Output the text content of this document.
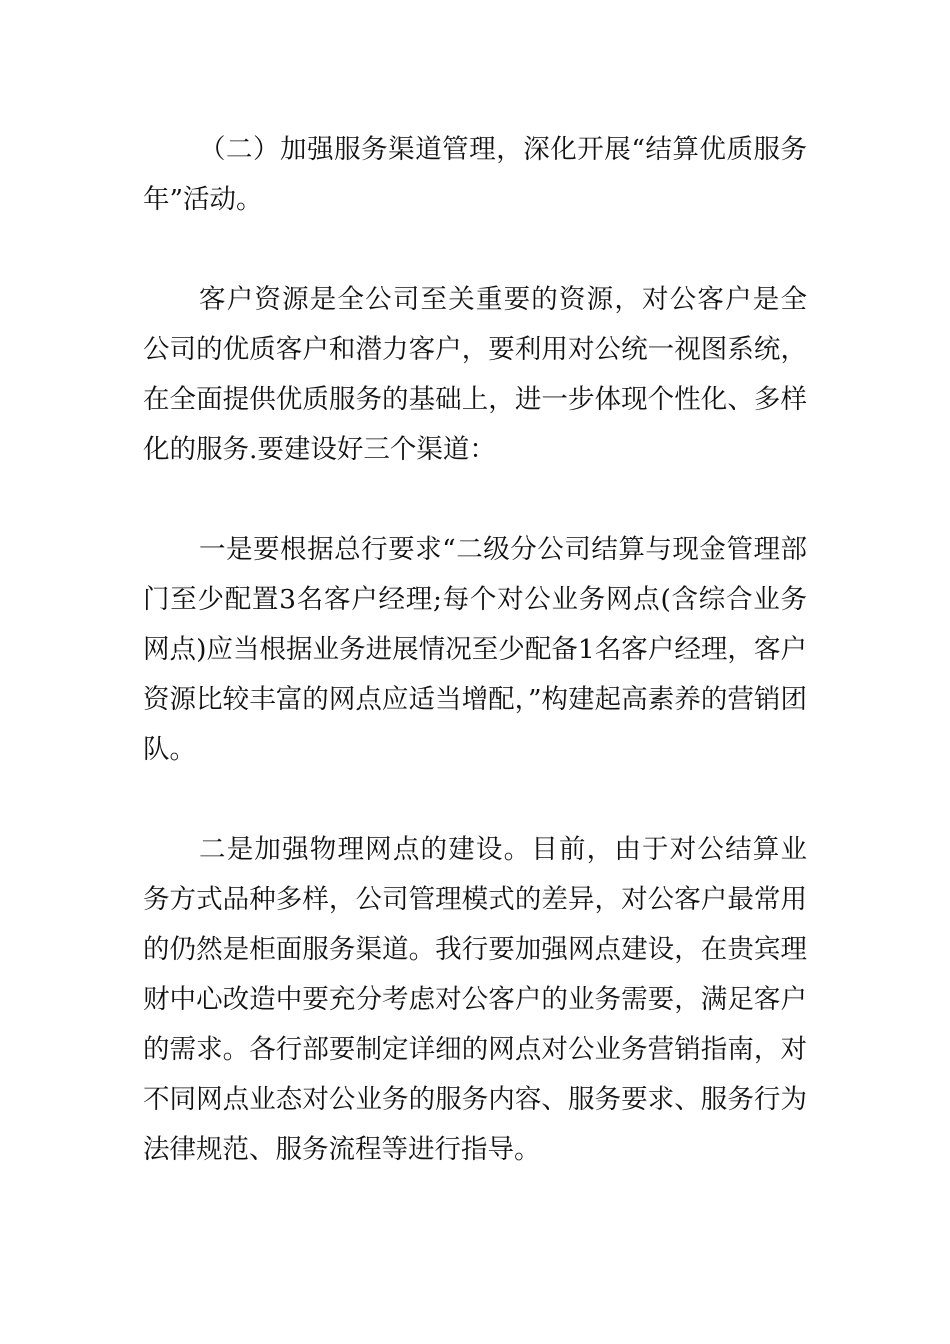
（二）加强服务渠道管理，深化开展“结算优质服务年”活动。

客户资源是全公司至关重要的资源，对公客户是全公司的优质客户和潜力客户，要利用对公统一视图系统，在全面提供优质服务的基础上，进一步体现个性化、多样化的服务.要建设好三个渠道：

一是要根据总行要求“二级分公司结算与现金管理部门至少配置3名客户经理;每个对公业务网点(含综合业务网点)应当根据业务进展情况至少配备1名客户经理，客户资源比较丰富的网点应适当增配，”构建起高素养的营销团队。

二是加强物理网点的建设。目前，由于对公结算业务方式品种多样，公司管理模式的差异，对公客户最常用的仍然是柜面服务渠道。我行要加强网点建设，在贵宾理财中心改造中要充分考虑对公客户的业务需要，满足客户的需求。各行部要制定详细的网点对公业务营销指南，对不同网点业态对公业务的服务内容、服务要求、服务行为法律规范、服务流程等进行指导。
